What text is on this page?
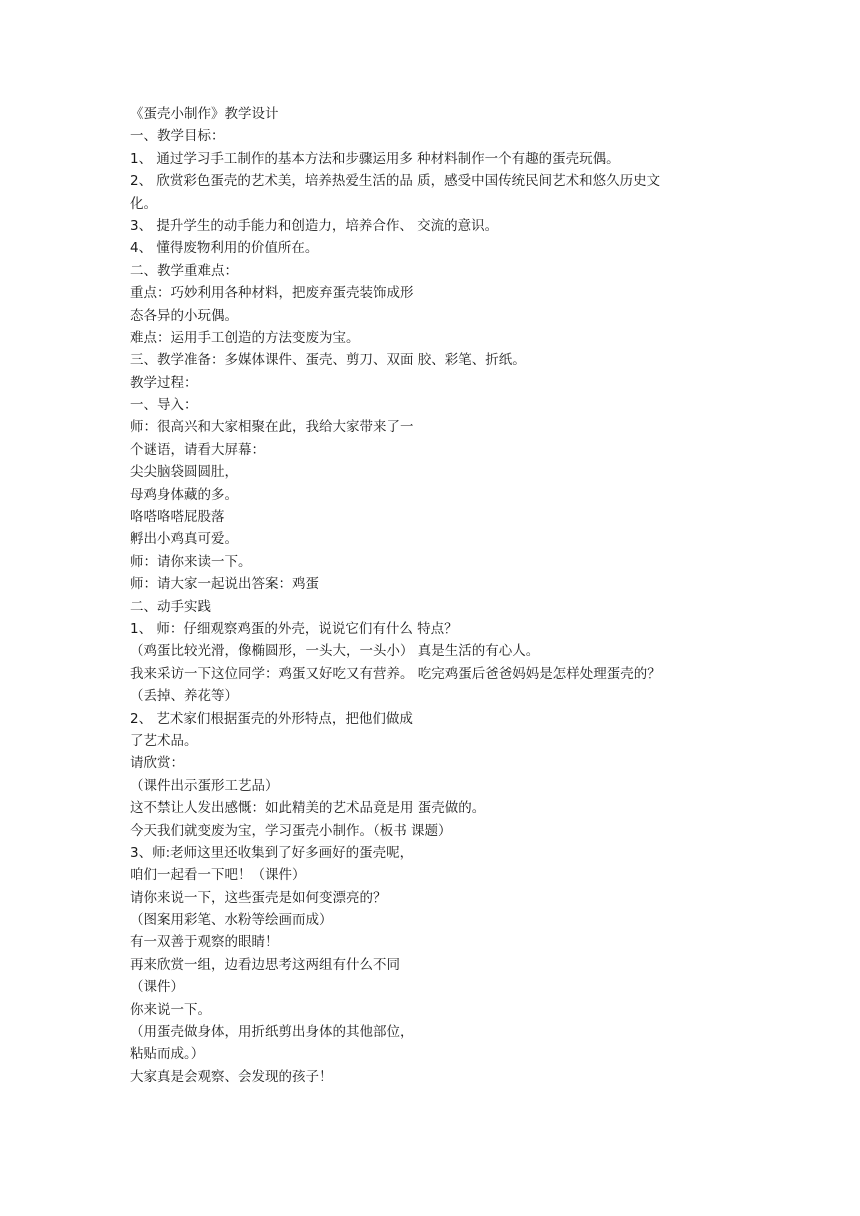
《蛋壳小制作》教学设计
一、教学目标：
1、 通过学习手工制作的基本方法和步骤运用多 种材料制作一个有趣的蛋壳玩偶。
2、 欣赏彩色蛋壳的艺术美，培养热爱生活的品 质，感受中国传统民间艺术和悠久历史文
化。
3、 提升学生的动手能力和创造力，培养合作、 交流的意识。
4、 懂得废物利用的价值所在。
二、教学重难点：
重点：巧妙利用各种材料，把废弃蛋壳装饰成形
态各异的小玩偶。
难点：运用手工创造的方法变废为宝。
三、教学准备：多媒体课件、蛋壳、剪刀、双面 胶、彩笔、折纸。
教学过程：
一、导入：
师：很高兴和大家相聚在此，我给大家带来了一
个谜语，请看大屏幕：
尖尖脑袋圆圆肚，
母鸡身体藏的多。
咯嗒咯嗒屁股落
孵出小鸡真可爱。
师：请你来读一下。
师：请大家一起说出答案：鸡蛋
二、动手实践
1、 师：仔细观察鸡蛋的外壳，说说它们有什么 特点？
（鸡蛋比较光滑，像椭圆形，一头大，一头小） 真是生活的有心人。
我来采访一下这位同学：鸡蛋又好吃又有营养。 吃完鸡蛋后爸爸妈妈是怎样处理蛋壳的？
（丢掉、养花等）
2、 艺术家们根据蛋壳的外形特点，把他们做成
了艺术品。
请欣赏：
（课件出示蛋形工艺品）
这不禁让人发出感慨：如此精美的艺术品竟是用 蛋壳做的。
今天我们就变废为宝，学习蛋壳小制作。（板书 课题）
3、师:老师这里还收集到了好多画好的蛋壳呢，
咱们一起看一下吧！（课件）
请你来说一下，这些蛋壳是如何变漂亮的？
（图案用彩笔、水粉等绘画而成）
有一双善于观察的眼睛！
再来欣赏一组，边看边思考这两组有什么不同
（课件）
你来说一下。
（用蛋壳做身体，用折纸剪出身体的其他部位，
粘贴而成。）
大家真是会观察、会发现的孩子！
